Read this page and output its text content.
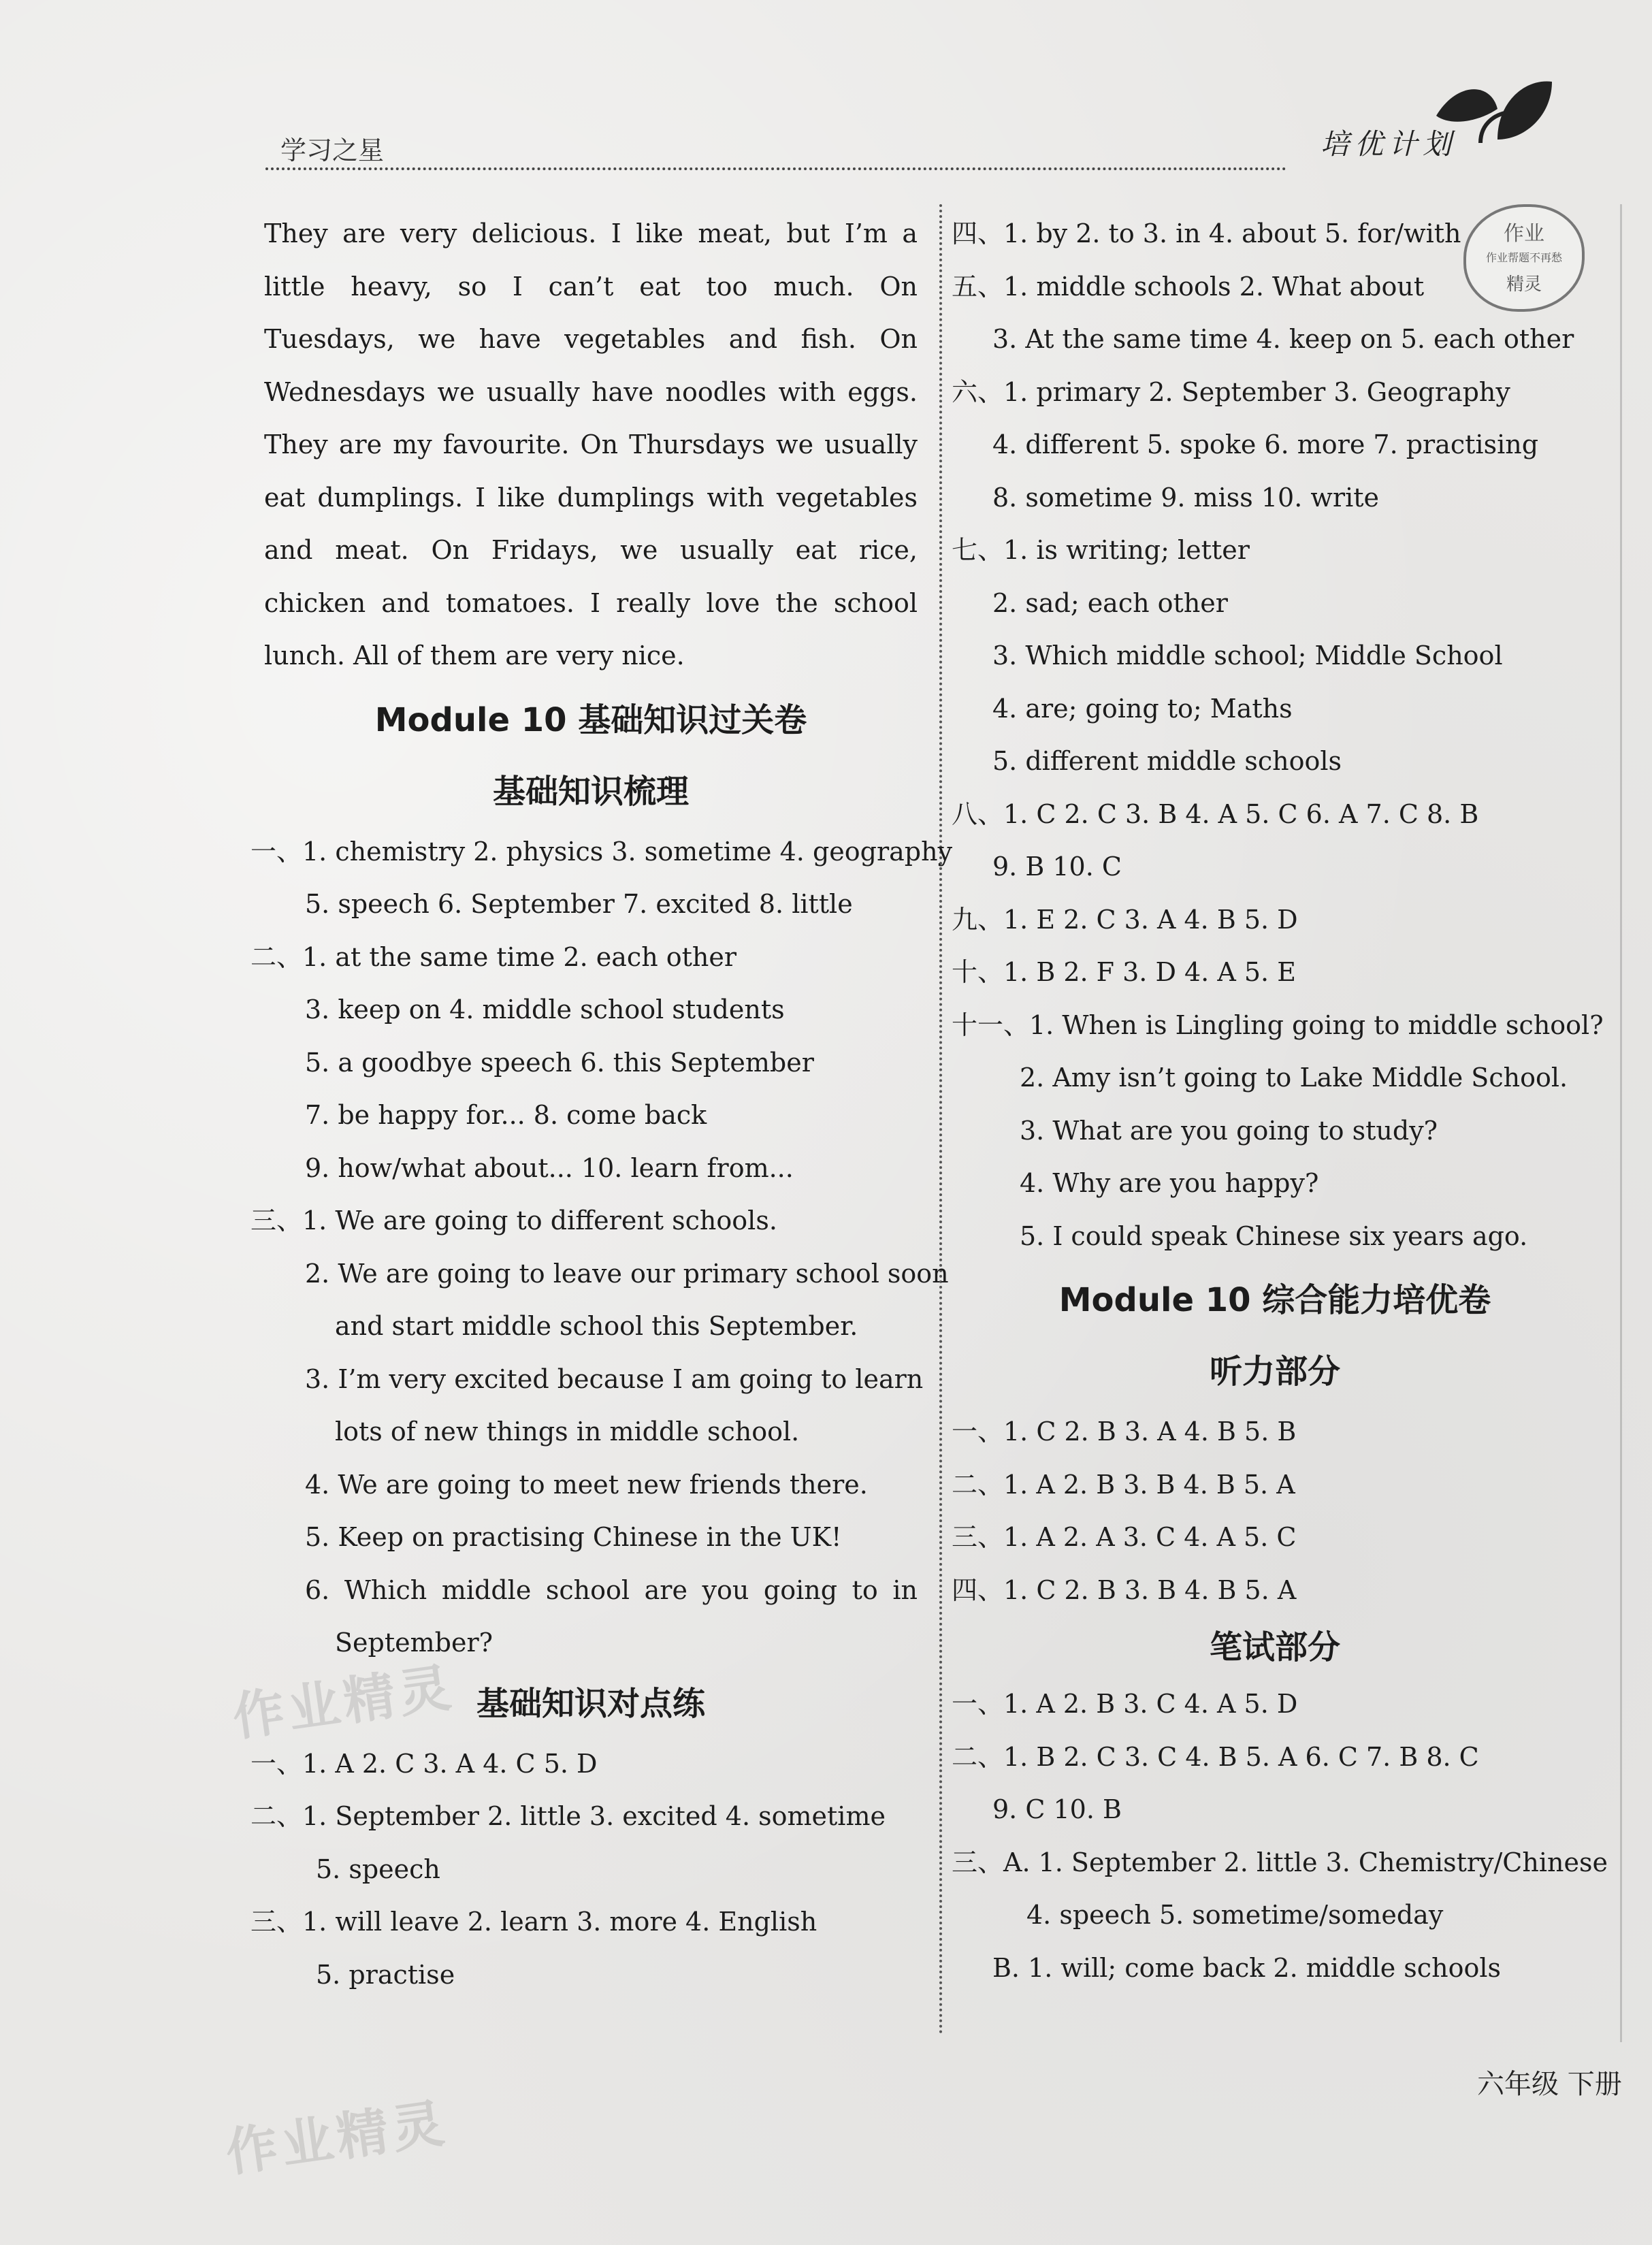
学习之星	培优计划
作业
作业帮题不再愁
精灵
They are very delicious. I like meat, but I’m a
little heavy, so I can’t eat too much. On
Tuesdays, we have vegetables and fish. On
Wednesdays we usually have noodles with eggs.
They are my favourite. On Thursdays we usually
eat dumplings. I like dumplings with vegetables
and meat. On Fridays, we usually eat rice,
chicken and tomatoes. I really love the school
lunch. All of them are very nice.
Module 10 基础知识过关卷
基础知识梳理
一、1. chemistry 2. physics 3. sometime 4. geography
5. speech 6. September 7. excited 8. little
二、1. at the same time 2. each other
3. keep on 4. middle school students
5. a goodbye speech 6. this September
7. be happy for... 8. come back
9. how/what about... 10. learn from...
三、1. We are going to different schools.
2. We are going to leave our primary school soon
and start middle school this September.
3. I’m very excited because I am going to learn
lots of new things in middle school.
4. We are going to meet new friends there.
5. Keep on practising Chinese in the UK!
6. Which middle school are you going to in
September?
基础知识对点练
一、1. A 2. C 3. A 4. C 5. D
二、1. September 2. little 3. excited 4. sometime
5. speech
三、1. will leave 2. learn 3. more 4. English
5. practise
四、1. by 2. to 3. in 4. about 5. for/with
五、1. middle schools 2. What about
3. At the same time 4. keep on 5. each other
六、1. primary 2. September 3. Geography
4. different 5. spoke 6. more 7. practising
8. sometime 9. miss 10. write
七、1. is writing; letter
2. sad; each other
3. Which middle school; Middle School
4. are; going to; Maths
5. different middle schools
八、1. C 2. C 3. B 4. A 5. C 6. A 7. C 8. B
9. B 10. C
九、1. E 2. C 3. A 4. B 5. D
十、1. B 2. F 3. D 4. A 5. E
十一、1. When is Lingling going to middle school?
2. Amy isn’t going to Lake Middle School.
3. What are you going to study?
4. Why are you happy?
5. I could speak Chinese six years ago.
Module 10 综合能力培优卷
听力部分
一、1. C 2. B 3. A 4. B 5. B
二、1. A 2. B 3. B 4. B 5. A
三、1. A 2. A 3. C 4. A 5. C
四、1. C 2. B 3. B 4. B 5. A
笔试部分
一、1. A 2. B 3. C 4. A 5. D
二、1. B 2. C 3. C 4. B 5. A 6. C 7. B 8. C
9. C 10. B
三、A. 1. September 2. little 3. Chemistry/Chinese
4. speech 5. sometime/someday
B. 1. will; come back 2. middle schools
作业精灵
作业精灵
六年级 下册
